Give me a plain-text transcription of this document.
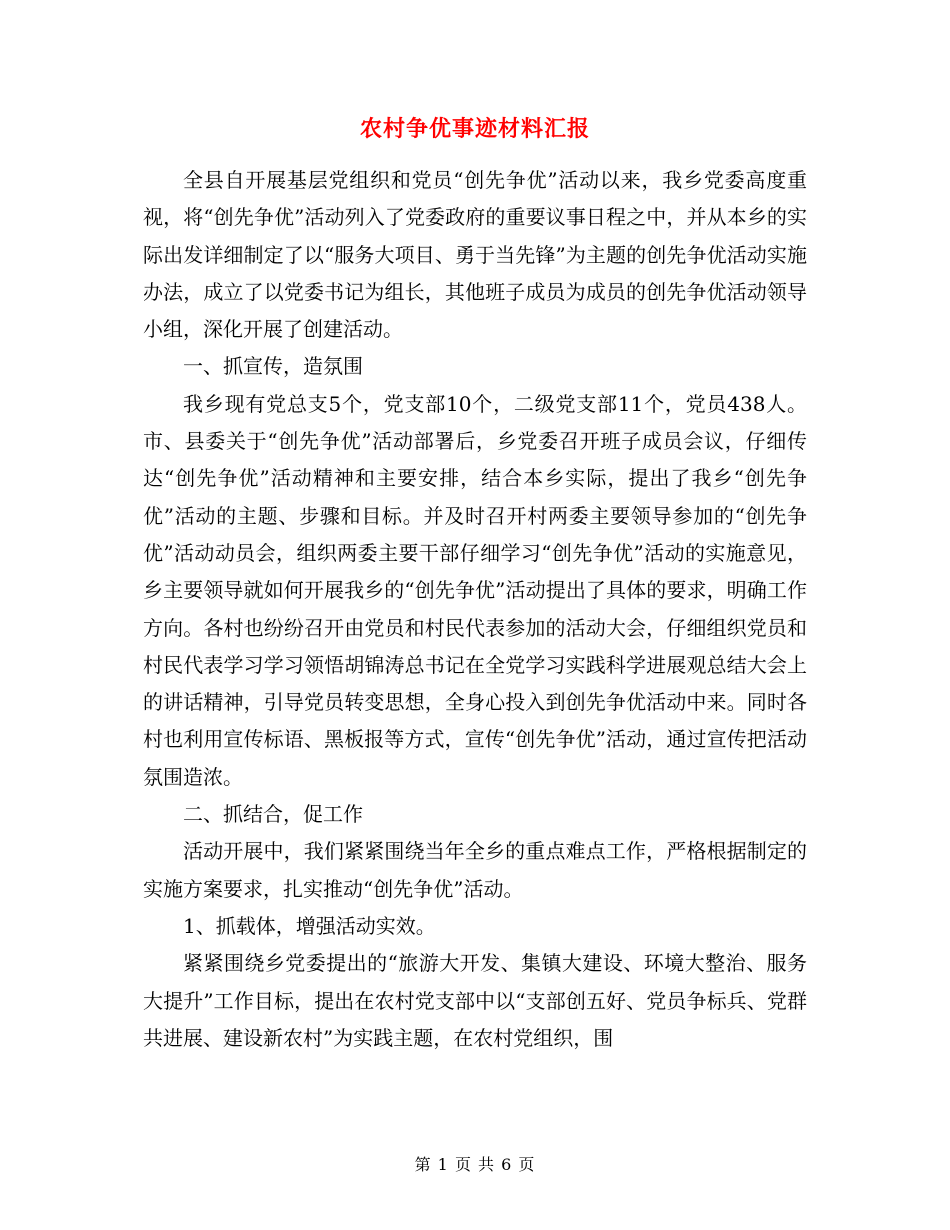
农村争优事迹材料汇报

全县自开展基层党组织和党员“创先争优”活动以来，我乡党委高度重视，将“创先争优”活动列入了党委政府的重要议事日程之中，并从本乡的实际出发详细制定了以“服务大项目、勇于当先锋”为主题的创先争优活动实施办法，成立了以党委书记为组长，其他班子成员为成员的创先争优活动领导小组，深化开展了创建活动。

一、抓宣传，造氛围

我乡现有党总支5个，党支部10个，二级党支部11个，党员438人。市、县委关于“创先争优”活动部署后，乡党委召开班子成员会议，仔细传达“创先争优”活动精神和主要安排，结合本乡实际，提出了我乡“创先争优”活动的主题、步骤和目标。并及时召开村两委主要领导参加的“创先争优”活动动员会，组织两委主要干部仔细学习“创先争优”活动的实施意见，乡主要领导就如何开展我乡的“创先争优”活动提出了具体的要求，明确工作方向。各村也纷纷召开由党员和村民代表参加的活动大会，仔细组织党员和村民代表学习学习领悟胡锦涛总书记在全党学习实践科学进展观总结大会上的讲话精神，引导党员转变思想，全身心投入到创先争优活动中来。同时各村也利用宣传标语、黑板报等方式，宣传“创先争优”活动，通过宣传把活动氛围造浓。

二、抓结合，促工作

活动开展中，我们紧紧围绕当年全乡的重点难点工作，严格根据制定的实施方案要求，扎实推动“创先争优”活动。

1、抓载体，增强活动实效。

紧紧围绕乡党委提出的“旅游大开发、集镇大建设、环境大整治、服务大提升”工作目标，提出在农村党支部中以“支部创五好、党员争标兵、党群共进展、建设新农村”为实践主题，在农村党组织，围

第 1 页 共 6 页
